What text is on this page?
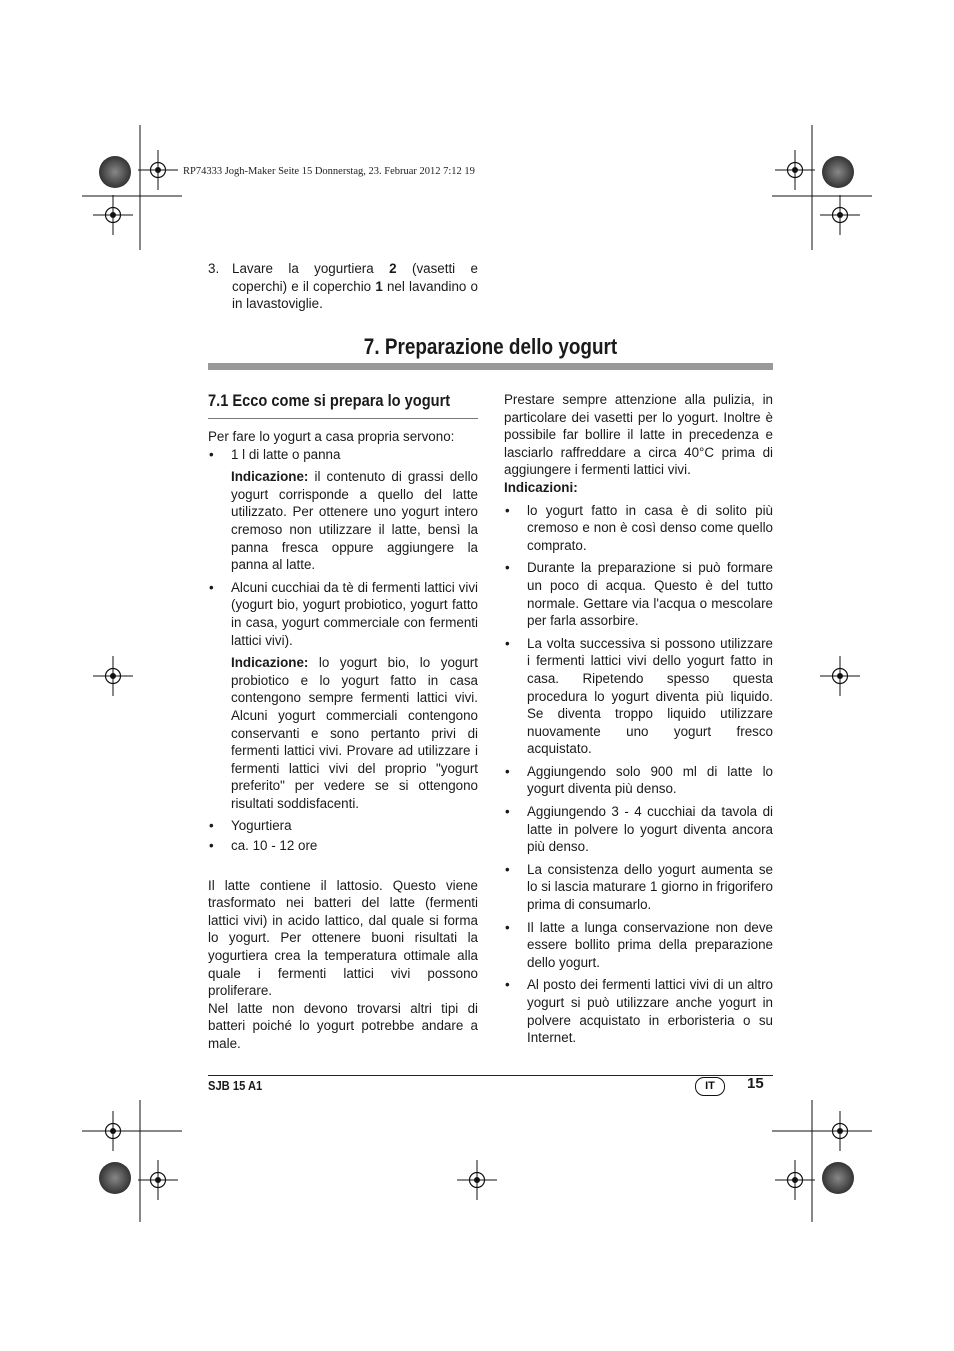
RP74333 Jogh-Maker Seite 15 Donnerstag, 23. Februar 2012 7:12 19
3. Lavare la yogurtiera 2 (vasetti e coperchi) e il coperchio 1 nel lavandino o in lavastoviglie.

7. Preparazione dello yogurt
7.1 Ecco come si prepara lo yogurt

Per fare lo yogurt a casa propria servono:

• 1 l di latte o panna

Indicazione: il contenuto di grassi dello yogurt corrisponde a quello del latte utilizzato. Per ottenere uno yogurt intero cremoso non utilizzare il latte, bensì la panna fresca oppure aggiungere la panna al latte.

• Alcuni cucchiai da tè di fermenti lattici vivi (yogurt bio, yogurt probiotico, yogurt fatto in casa, yogurt commerciale con fermenti lattici vivi).

Indicazione: lo yogurt bio, lo yogurt probiotico e lo yogurt fatto in casa contengono sempre fermenti lattici vivi. Alcuni yogurt commerciali contengono conservanti e sono pertanto privi di fermenti lattici vivi. Provare ad utilizzare i fermenti lattici vivi del proprio "yogurt preferito" per vedere se si ottengono risultati soddisfacenti.

• Yogurtiera

• ca. 10 - 12 ore

Il latte contiene il lattosio. Questo viene trasformato nei batteri del latte (fermenti lattici vivi) in acido lattico, dal quale si forma lo yogurt. Per ottenere buoni risultati la yogurtiera crea la temperatura ottimale alla quale i fermenti lattici vivi possono proliferare.

Nel latte non devono trovarsi altri tipi di batteri poiché lo yogurt potrebbe andare a male.

Prestare sempre attenzione alla pulizia, in particolare dei vasetti per lo yogurt. Inoltre è possibile far bollire il latte in precedenza e lasciarlo raffreddare a circa 40°C prima di aggiungere i fermenti lattici vivi.

Indicazioni:

• lo yogurt fatto in casa è di solito più cremoso e non è così denso come quello comprato.

• Durante la preparazione si può formare un poco di acqua. Questo è del tutto normale. Gettare via l'acqua o mescolare per farla assorbire.

• La volta successiva si possono utilizzare i fermenti lattici vivi dello yogurt fatto in casa. Ripetendo spesso questa procedura lo yogurt diventa più liquido. Se diventa troppo liquido utilizzare nuovamente uno yogurt fresco acquistato.

• Aggiungendo solo 900 ml di latte lo yogurt diventa più denso.

• Aggiungendo 3 - 4 cucchiai da tavola di latte in polvere lo yogurt diventa ancora più denso.

• La consistenza dello yogurt aumenta se lo si lascia maturare 1 giorno in frigorifero prima di consumarlo.

• Il latte a lunga conservazione non deve essere bollito prima della preparazione dello yogurt.

• Al posto dei fermenti lattici vivi di un altro yogurt si può utilizzare anche yogurt in polvere acquistato in erboristeria o su Internet.

SJB 15 A1	IT	15
